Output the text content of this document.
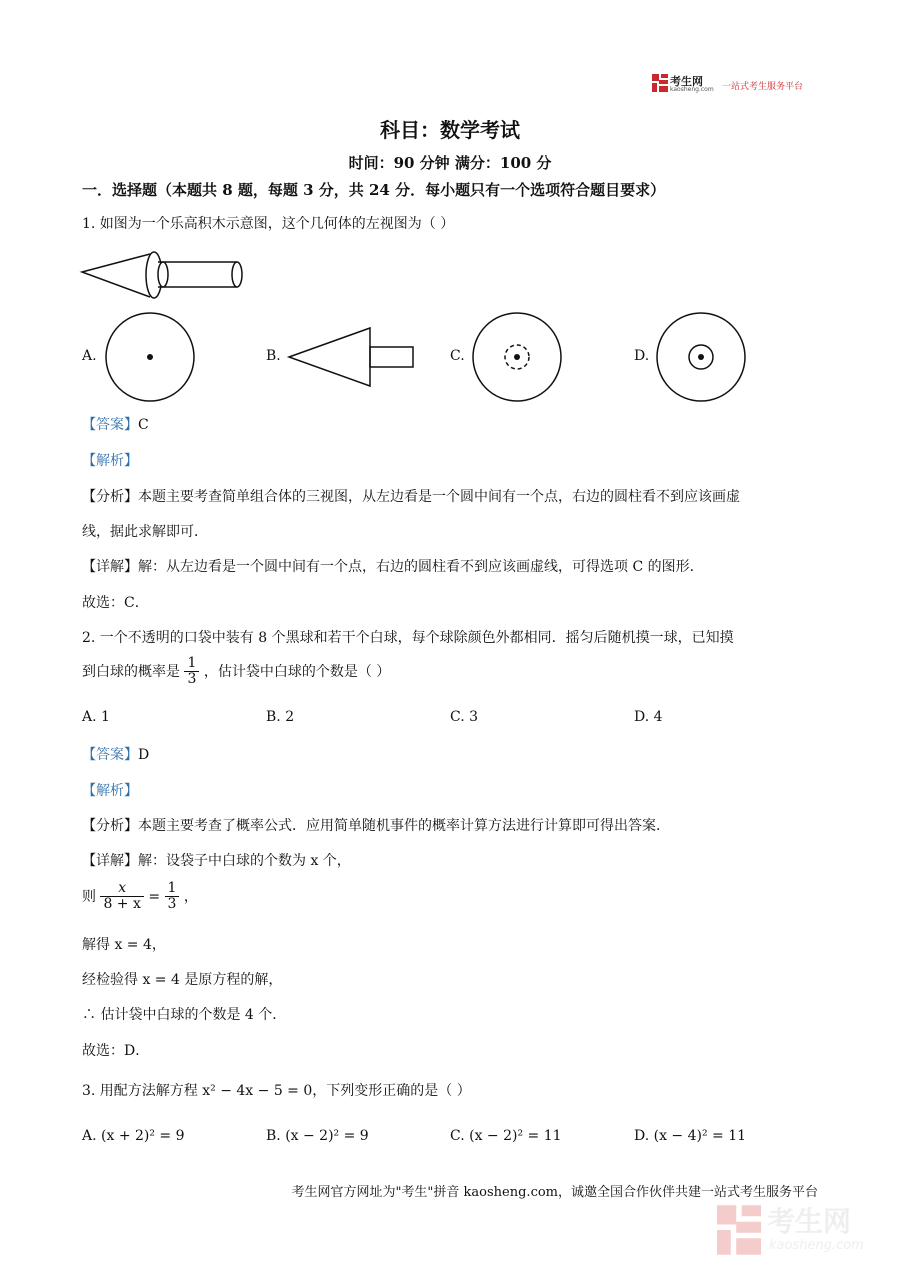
考生网
kaosheng.com 一站式考生服务平台
科目：数学考试
时间：90 分钟 满分：100 分
一．选择题（本题共 8 题，每题 3 分，共 24 分．每小题只有一个选项符合题目要求）
1. 如图为一个乐高积木示意图，这个几何体的左视图为（ ）
A.	B.	C.	D.
【答案】C
【解析】
【分析】本题主要考查简单组合体的三视图，从左边看是一个圆中间有一个点，右边的圆柱看不到应该画虚
线，据此求解即可．
【详解】解：从左边看是一个圆中间有一个点，右边的圆柱看不到应该画虚线，可得选项 C 的图形．
故选：C．
2. 一个不透明的口袋中装有 8 个黑球和若干个白球，每个球除颜色外都相同．摇匀后随机摸一球，已知摸
到白球的概率是 $\frac{1}{3}$ ，估计袋中白球的个数是（ ）
A. 1	B. 2	C. 3	D. 4
【答案】D
【解析】
【分析】本题主要考查了概率公式．应用简单随机事件的概率计算方法进行计算即可得出答案．
【详解】解：设袋子中白球的个数为 x 个，
则 $\frac{x}{8 + x} = \frac{1}{3}$ ，
解得 x = 4，
经检验得 x = 4 是原方程的解，
∴ 估计袋中白球的个数是 4 个．
故选：D．
3. 用配方法解方程 x² − 4x − 5 = 0，下列变形正确的是（ ）
A. (x + 2)² = 9	B. (x − 2)² = 9	C. (x − 2)² = 11	D. (x − 4)² = 11
考生网官方网址为"考生"拼音 kaosheng.com，诚邀全国合作伙伴共建一站式考生服务平台
考生网
kaosheng.com
